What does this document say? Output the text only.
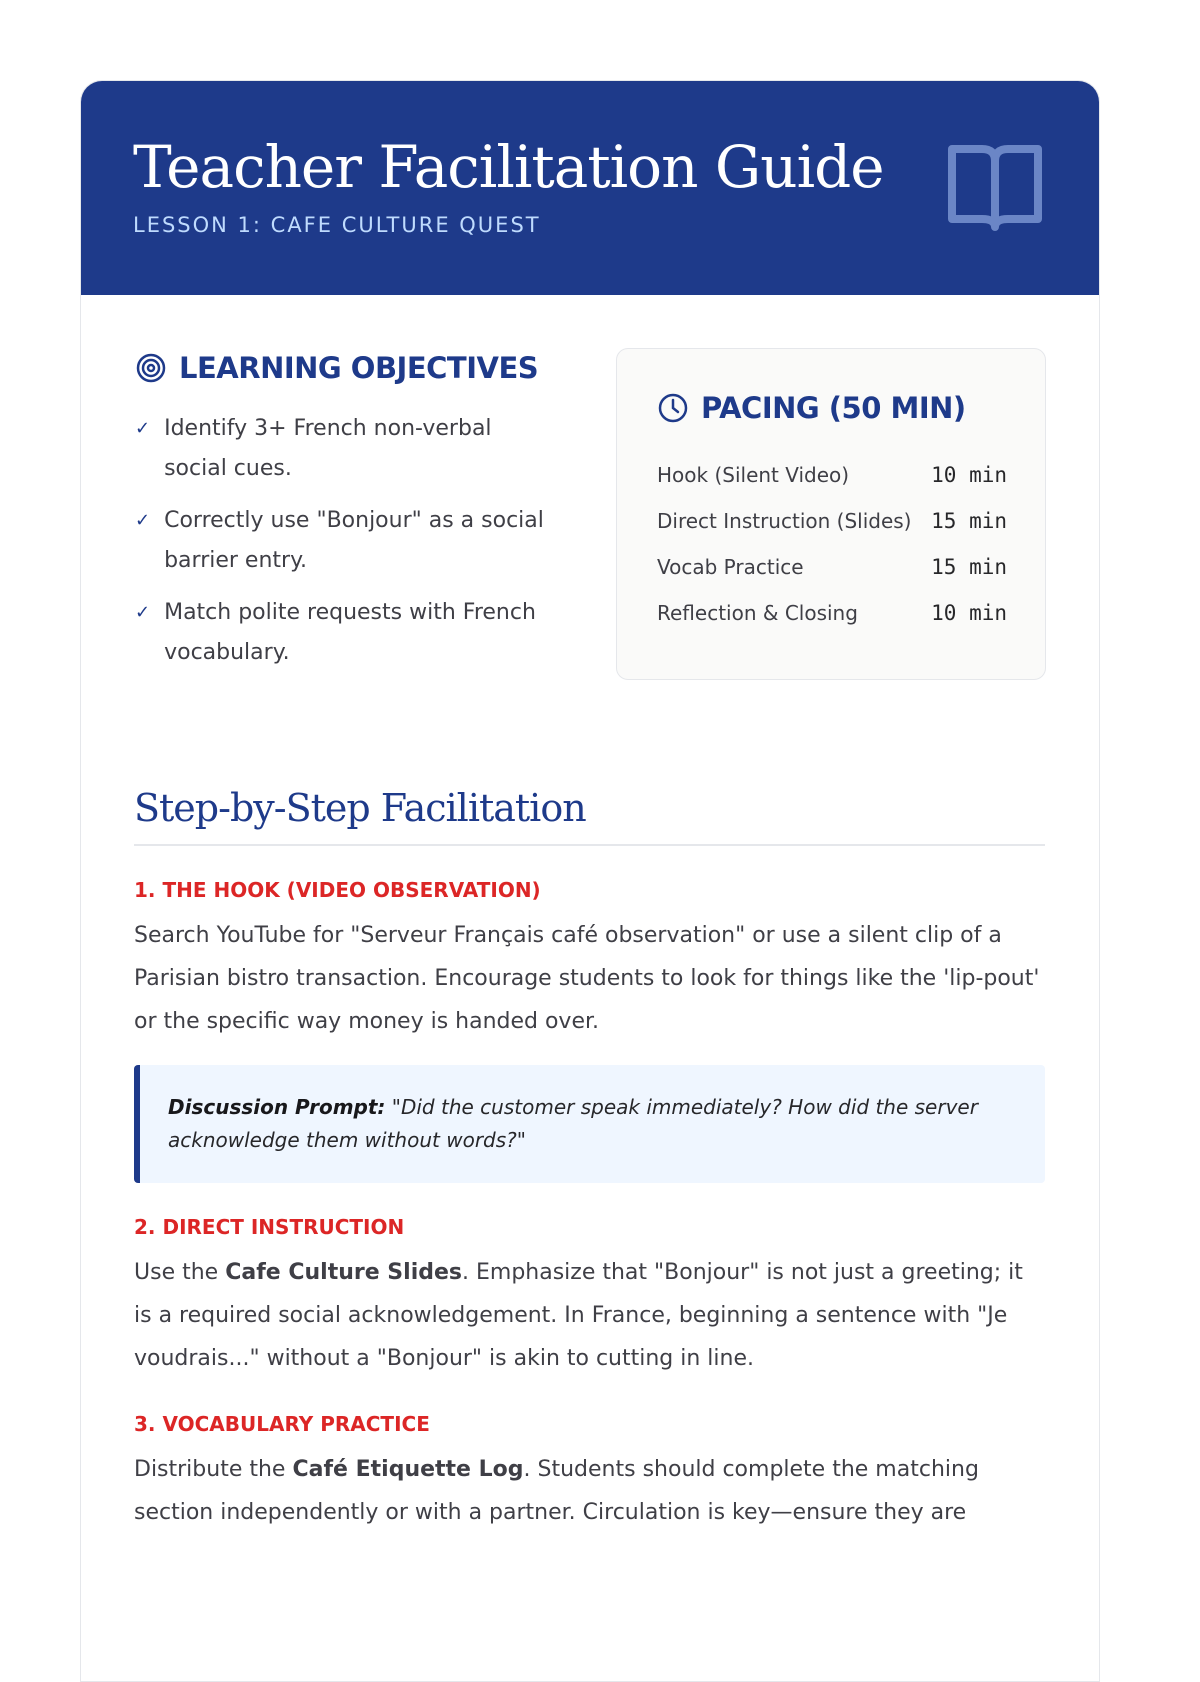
Teacher Facilitation Guide
LESSON 1: CAFE CULTURE QUEST
LEARNING OBJECTIVES
✓ Identify 3+ French non-verbal social cues.
✓ Correctly use "Bonjour" as a social barrier entry.
✓ Match polite requests with French vocabulary.
PACING (50 MIN)
Hook (Silent Video)	10 min
Direct Instruction (Slides) 15 min
Vocab Practice	15 min
Reflection & Closing	10 min
Step-by-Step Facilitation
1. THE HOOK (VIDEO OBSERVATION)

Search YouTube for "Serveur Français café observation" or use a silent clip of a Parisian bistro transaction. Encourage students to look for things like the 'lip-pout' or the specific way money is handed over.

Discussion Prompt: "Did the customer speak immediately? How did the server acknowledge them without words?"
2. DIRECT INSTRUCTION

Use the Cafe Culture Slides. Emphasize that "Bonjour" is not just a greeting; it is a required social acknowledgement. In France, beginning a sentence with "Je voudrais..." without a "Bonjour" is akin to cutting in line.

3. VOCABULARY PRACTICE

Distribute the Café Etiquette Log. Students should complete the matching section independently or with a partner. Circulation is key—ensure they are
